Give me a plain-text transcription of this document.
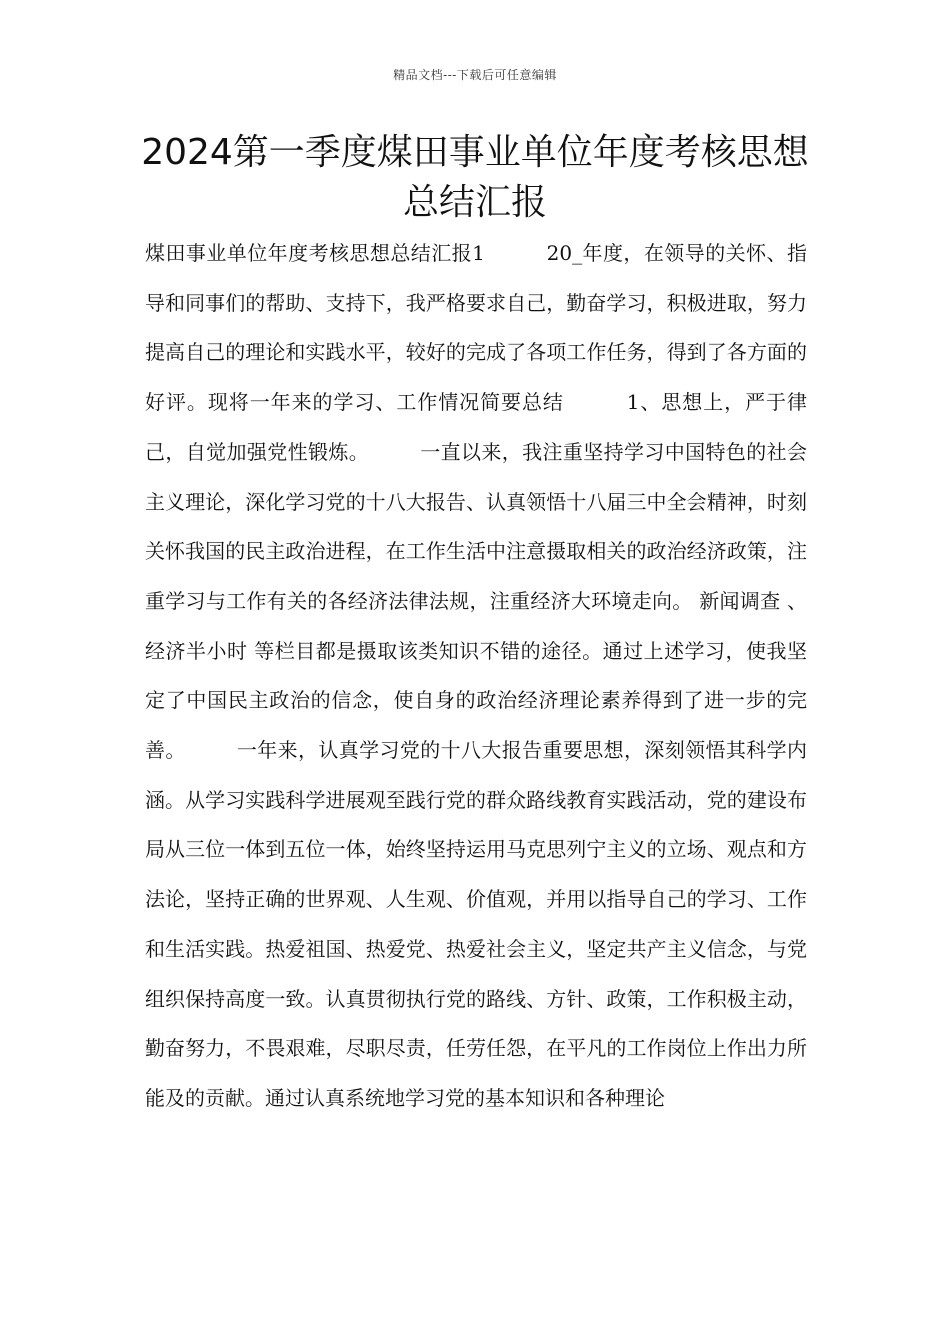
精品文档---下载后可任意编辑
2024第一季度煤田事业单位年度考核思想总结汇报

煤田事业单位年度考核思想总结汇报1　　　20_年度，在领导的关怀、指导和同事们的帮助、支持下，我严格要求自己，勤奋学习，积极进取，努力提高自己的理论和实践水平，较好的完成了各项工作任务，得到了各方面的好评。现将一年来的学习、工作情况简要总结　　　1、思想上，严于律己，自觉加强党性锻炼。　　　一直以来，我注重坚持学习中国特色的社会主义理论，深化学习党的十八大报告、认真领悟十八届三中全会精神，时刻关怀我国的民主政治进程，在工作生活中注意摄取相关的政治经济政策，注重学习与工作有关的各经济法律法规，注重经济大环境走向。 新闻调查 、 经济半小时 等栏目都是摄取该类知识不错的途径。通过上述学习，使我坚定了中国民主政治的信念，使自身的政治经济理论素养得到了进一步的完善。　　　一年来，认真学习党的十八大报告重要思想，深刻领悟其科学内涵。从学习实践科学进展观至践行党的群众路线教育实践活动，党的建设布局从三位一体到五位一体，始终坚持运用马克思列宁主义的立场、观点和方法论，坚持正确的世界观、人生观、价值观，并用以指导自己的学习、工作和生活实践。热爱祖国、热爱党、热爱社会主义，坚定共产主义信念，与党组织保持高度一致。认真贯彻执行党的路线、方针、政策，工作积极主动，勤奋努力，不畏艰难，尽职尽责，任劳任怨，在平凡的工作岗位上作出力所能及的贡献。通过认真系统地学习党的基本知识和各种理论
